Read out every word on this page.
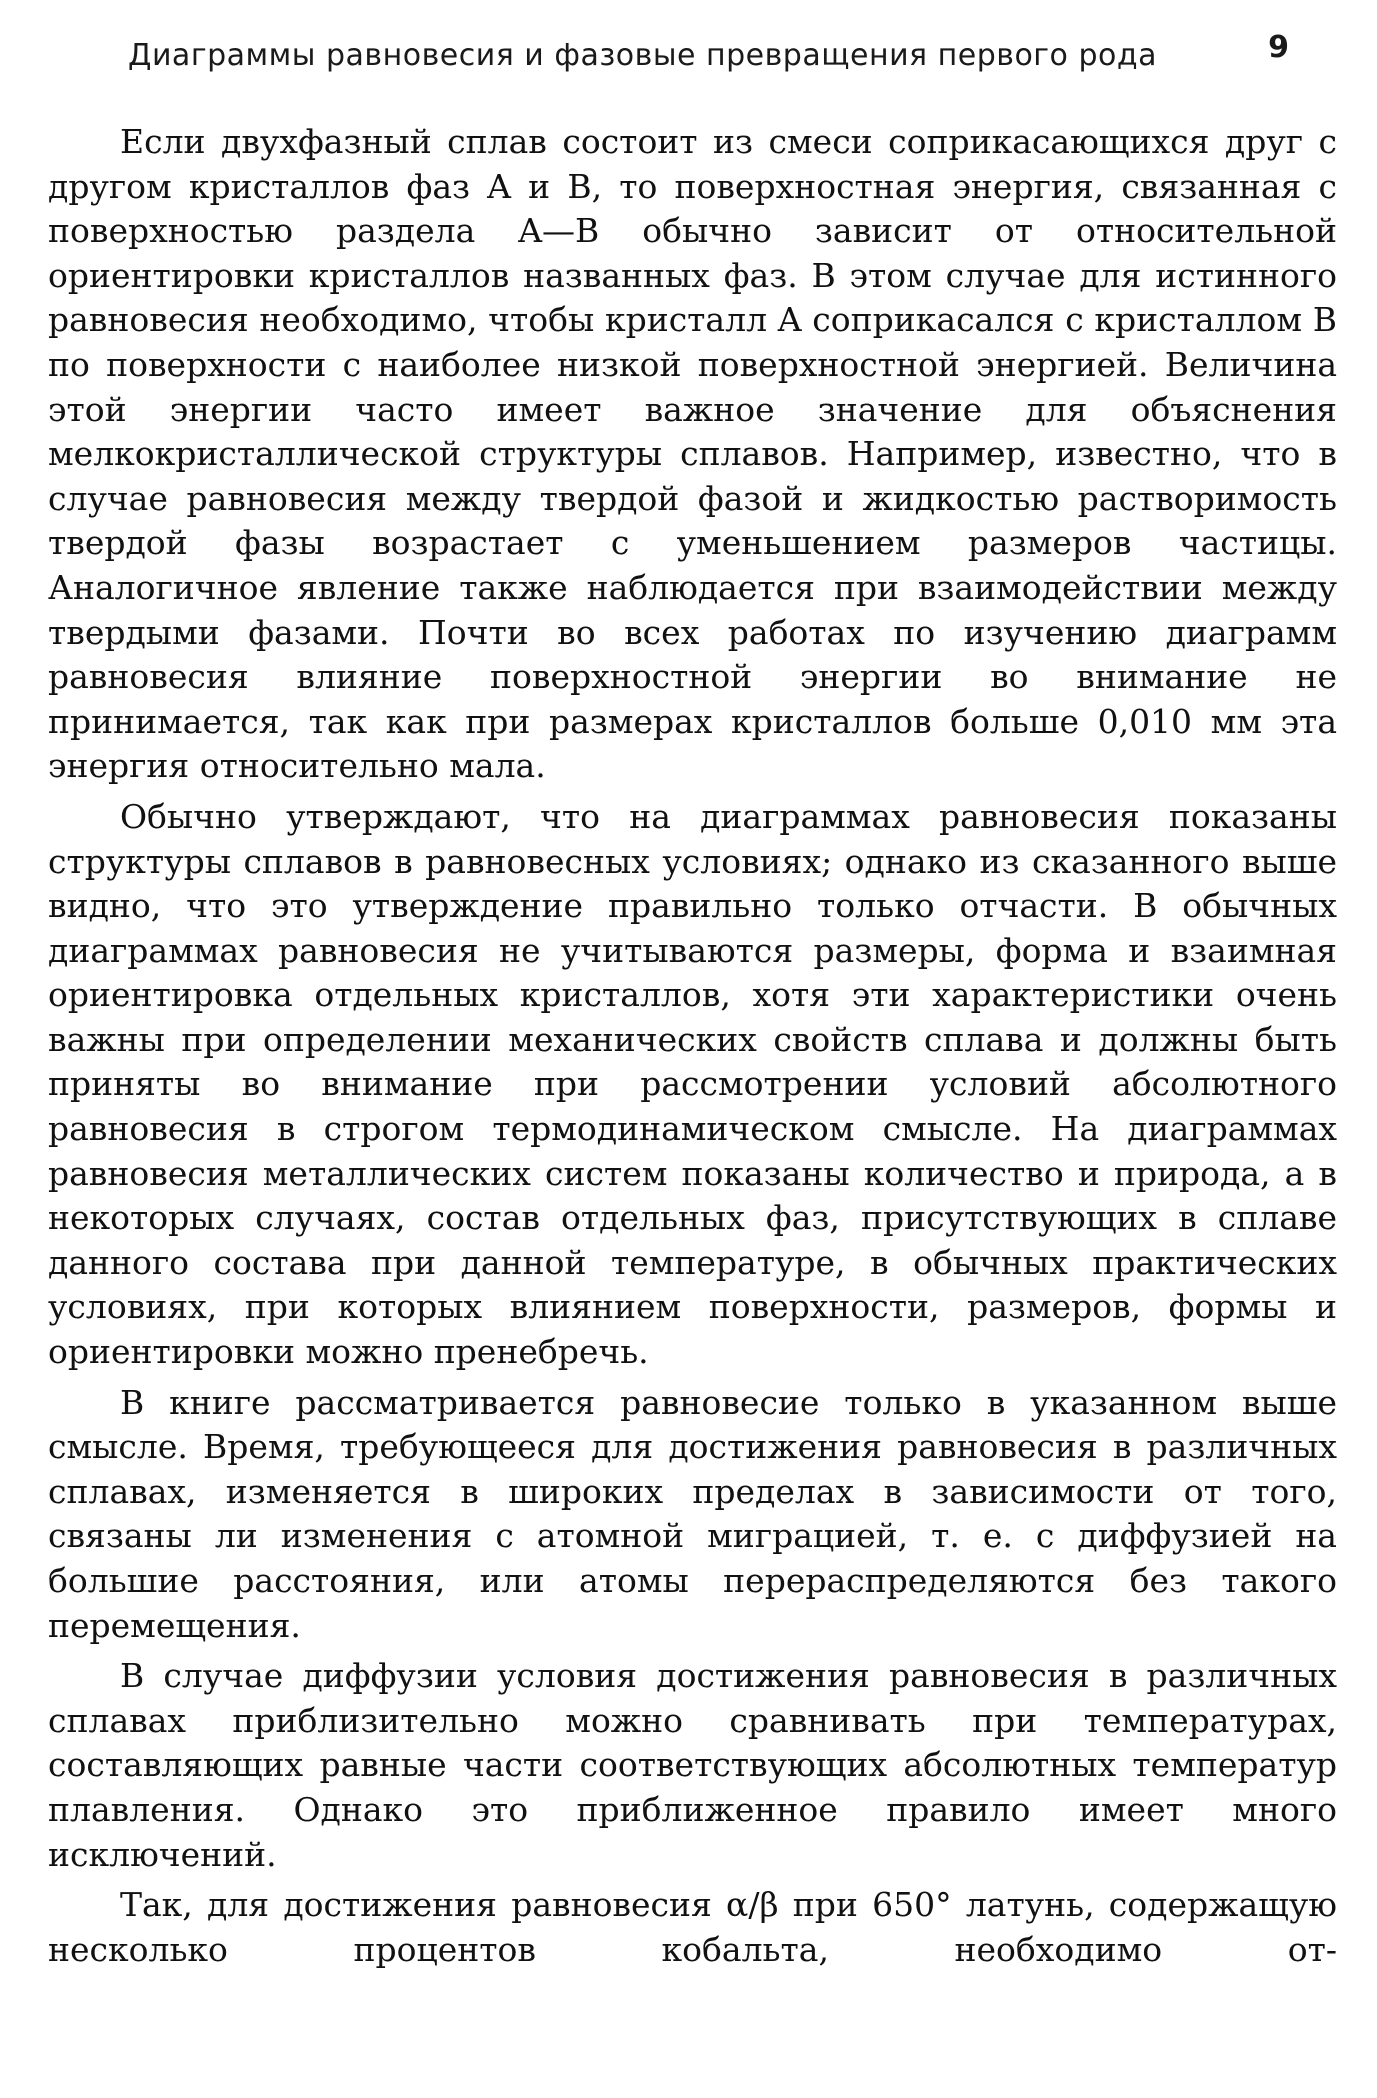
Диаграммы равновесия и фазовые превращения первого рода	9

Если двухфазный сплав состоит из смеси соприкасающихся друг с другом кристаллов фаз A и B, то поверхностная энергия, связанная с поверхностью раздела A—B обычно зависит от относительной ориентировки кристаллов названных фаз. В этом случае для истинного равновесия необходимо, чтобы кристалл A соприкасался с кристаллом B по поверхности с наиболее низкой поверхностной энергией. Величина этой энергии часто имеет важное значение для объяснения мелкокристаллической структуры сплавов. Например, известно, что в случае равновесия между твердой фазой и жидкостью растворимость твердой фазы возрастает с уменьшением размеров частицы. Аналогичное явление также наблюдается при взаимодействии между твердыми фазами. Почти во всех работах по изучению диаграмм равновесия влияние поверхностной энергии во внимание не принимается, так как при размерах кристаллов больше 0,010 мм эта энергия относительно мала.

Обычно утверждают, что на диаграммах равновесия показаны структуры сплавов в равновесных условиях; однако из сказанного выше видно, что это утверждение правильно только отчасти. В обычных диаграммах равновесия не учитываются размеры, форма и взаимная ориентировка отдельных кристаллов, хотя эти характеристики очень важны при определении механических свойств сплава и должны быть приняты во внимание при рассмотрении условий абсолютного равновесия в строгом термодинамическом смысле. На диаграммах равновесия металлических систем показаны количество и природа, а в некоторых случаях, состав отдельных фаз, присутствующих в сплаве данного состава при данной температуре, в обычных практических условиях, при которых влиянием поверхности, размеров, формы и ориентировки можно пренебречь.

В книге рассматривается равновесие только в указанном выше смысле. Время, требующееся для достижения равновесия в различных сплавах, изменяется в широких пределах в зависимости от того, связаны ли изменения с атомной миграцией, т. е. с диффузией на большие расстояния, или атомы перераспределяются без такого перемещения.

В случае диффузии условия достижения равновесия в различных сплавах приблизительно можно сравнивать при температурах, составляющих равные части соответствующих абсолютных температур плавления. Однако это приближенное правило имеет много исключений.

Так, для достижения равновесия α/β при 650° латунь, содержащую несколько процентов кобальта, необходимо от-
